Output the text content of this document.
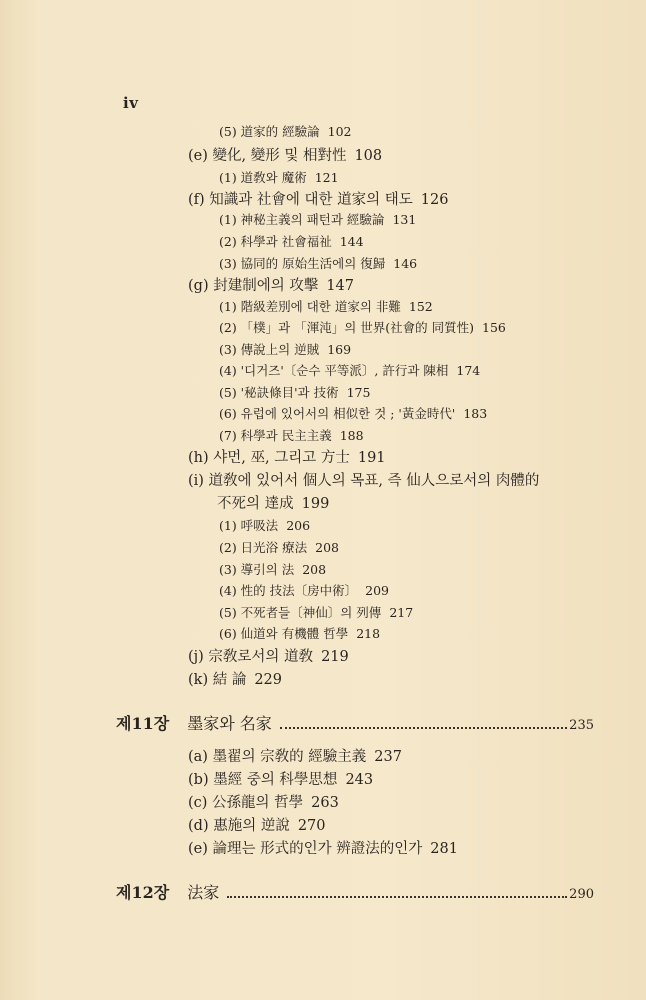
iv
(5) 道家的 經驗論 102
(e) 變化, 變形 및 相對性 108
(1) 道敎와 魔術 121
(f) 知識과 社會에 대한 道家의 태도 126
(1) 神秘主義의 패턴과 經驗論 131
(2) 科學과 社會福祉 144
(3) 協同的 原始生活에의 復歸 146
(g) 封建制에의 攻擊 147
(1) 階級差別에 대한 道家의 非難 152
(2) 「樸」과 「渾沌」의 世界(社會的 同質性) 156
(3) 傳說上의 逆賊 169
(4) '디거즈'〔순수 平等派〕, 許行과 陳相 174
(5) '秘訣條目'과 技術 175
(6) 유럽에 있어서의 相似한 것 ; '黃金時代' 183
(7) 科學과 民主主義 188
(h) 샤먼, 巫, 그리고 方士 191
(i) 道敎에 있어서 個人의 목표, 즉 仙人으로서의 肉體的
不死의 達成 199
(1) 呼吸法 206
(2) 日光浴 療法 208
(3) 導引의 法 208
(4) 性的 技法〔房中術〕 209
(5) 不死者들〔神仙〕의 列傳 217
(6) 仙道와 有機體 哲學 218
(j) 宗敎로서의 道敎 219
(k) 結 論 229
제11장 墨家와 名家	235
(a) 墨翟의 宗敎的 經驗主義 237
(b) 墨經 중의 科學思想 243
(c) 公孫龍의 哲學 263
(d) 惠施의 逆說 270
(e) 論理는 形式的인가 辨證法的인가 281
제12장 法家	290
